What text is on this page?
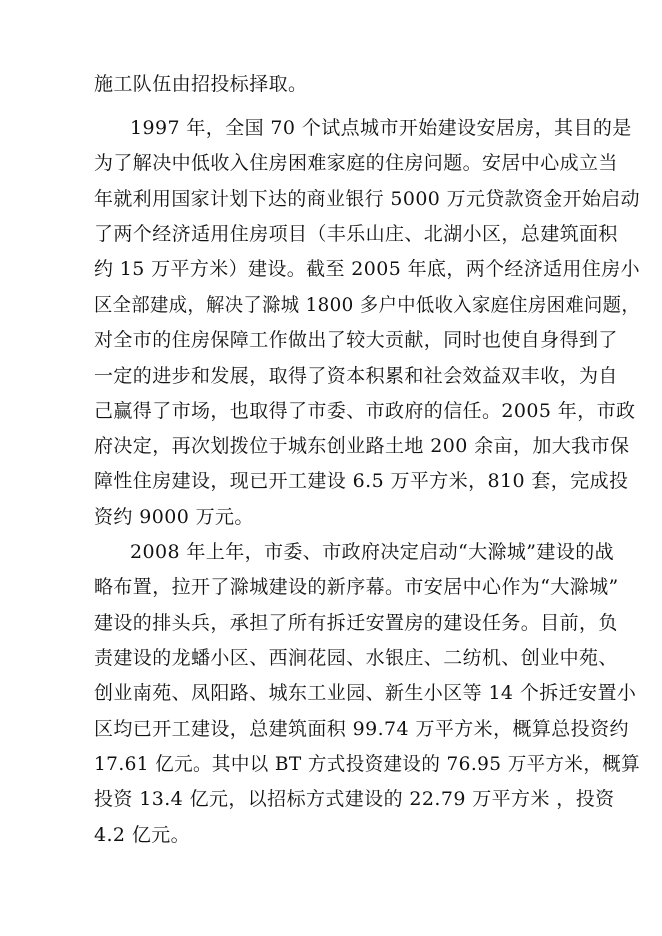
施工队伍由招投标择取。

1997 年，全国 70 个试点城市开始建设安居房，其目的是

为了解决中低收入住房困难家庭的住房问题。安居中心成立当

年就利用国家计划下达的商业银行 5000 万元贷款资金开始启动

了两个经济适用住房项目（丰乐山庄、北湖小区，总建筑面积

约 15 万平方米）建设。截至 2005 年底，两个经济适用住房小

区全部建成，解决了滁城 1800 多户中低收入家庭住房困难问题，

对全市的住房保障工作做出了较大贡献，同时也使自身得到了

一定的进步和发展，取得了资本积累和社会效益双丰收，为自

己赢得了市场，也取得了市委、市政府的信任。2005 年，市政

府决定，再次划拨位于城东创业路土地 200 余亩，加大我市保

障性住房建设，现已开工建设 6.5 万平方米，810 套，完成投

资约 9000 万元。

2008 年上年，市委、市政府决定启动“大滁城”建设的战

略布置，拉开了滁城建设的新序幕。市安居中心作为“大滁城”

建设的排头兵，承担了所有拆迁安置房的建设任务。目前，负

责建设的龙蟠小区、西涧花园、水银庄、二纺机、创业中苑、

创业南苑、凤阳路、城东工业园、新生小区等 14 个拆迁安置小

区均已开工建设，总建筑面积 99.74 万平方米，概算总投资约

17.61 亿元。其中以 BT 方式投资建设的 76.95 万平方米，概算

投资 13.4 亿元，以招标方式建设的 22.79 万平方米 ，投资

4.2 亿元。
